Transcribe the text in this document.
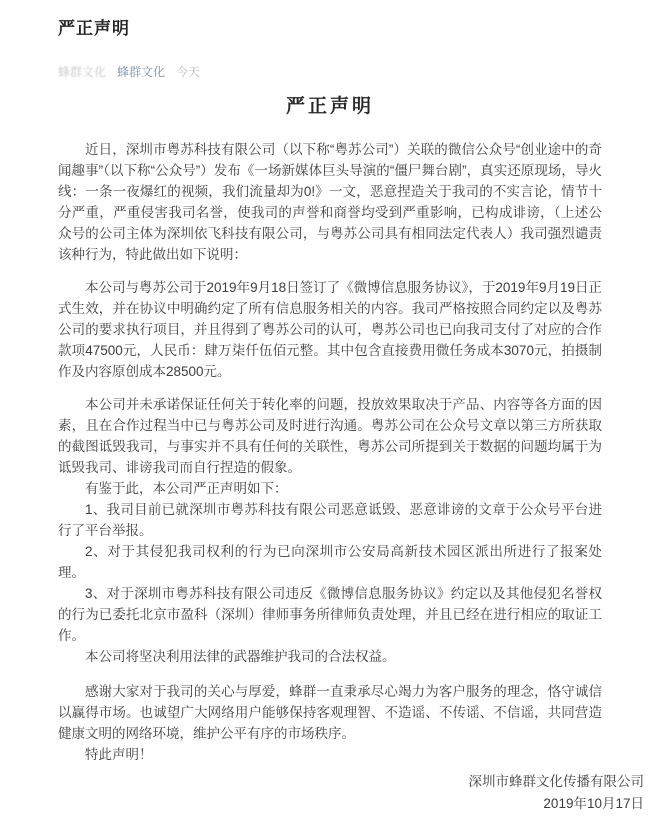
严正声明
蜂群文化 蜂群文化 今天
严正声明

近日，深圳市粤苏科技有限公司（以下称“粤苏公司”）关联的微信公众号“创业途中的奇闻趣事”（以下称“公众号”）发布《一场新媒体巨头导演的“僵尸舞台剧”，真实还原现场，导火线：一条一夜爆红的视频，我们流量却为0!》一文，恶意捏造关于我司的不实言论，情节十分严重，严重侵害我司名誉，使我司的声誉和商誉均受到严重影响，已构成诽谤，（上述公众号的公司主体为深圳依飞科技有限公司，与粤苏公司具有相同法定代表人）我司强烈谴责该种行为，特此做出如下说明：

本公司与粤苏公司于2019年9月18日签订了《微博信息服务协议》，于2019年9月19日正式生效，并在协议中明确约定了所有信息服务相关的内容。我司严格按照合同约定以及粤苏公司的要求执行项目，并且得到了粤苏公司的认可，粤苏公司也已向我司支付了对应的合作款项47500元，人民币：肆万柒仟伍佰元整。其中包含直接费用微任务成本3070元，拍摄制作及内容原创成本28500元。

本公司并未承诺保证任何关于转化率的问题，投放效果取决于产品、内容等各方面的因素，且在合作过程当中已与粤苏公司及时进行沟通。粤苏公司在公众号文章以第三方所获取的截图诋毁我司，与事实并不具有任何的关联性，粤苏公司所提到关于数据的问题均属于为诋毁我司、诽谤我司而自行捏造的假象。

有鉴于此，本公司严正声明如下：

1、我司目前已就深圳市粤苏科技有限公司恶意诋毁、恶意诽谤的文章于公众号平台进行了平台举报。

2、对于其侵犯我司权利的行为已向深圳市公安局高新技术园区派出所进行了报案处理。

3、对于深圳市粤苏科技有限公司违反《微博信息服务协议》约定以及其他侵犯名誉权的行为已委托北京市盈科（深圳）律师事务所律师负责处理，并且已经在进行相应的取证工作。

本公司将坚决利用法律的武器维护我司的合法权益。

感谢大家对于我司的关心与厚爱，蜂群一直秉承尽心竭力为客户服务的理念，恪守诚信以赢得市场。也诚望广大网络用户能够保持客观理智、不造谣、不传谣、不信谣，共同营造健康文明的网络环境，维护公平有序的市场秩序。

特此声明！

深圳市蜂群文化传播有限公司

2019年10月17日
